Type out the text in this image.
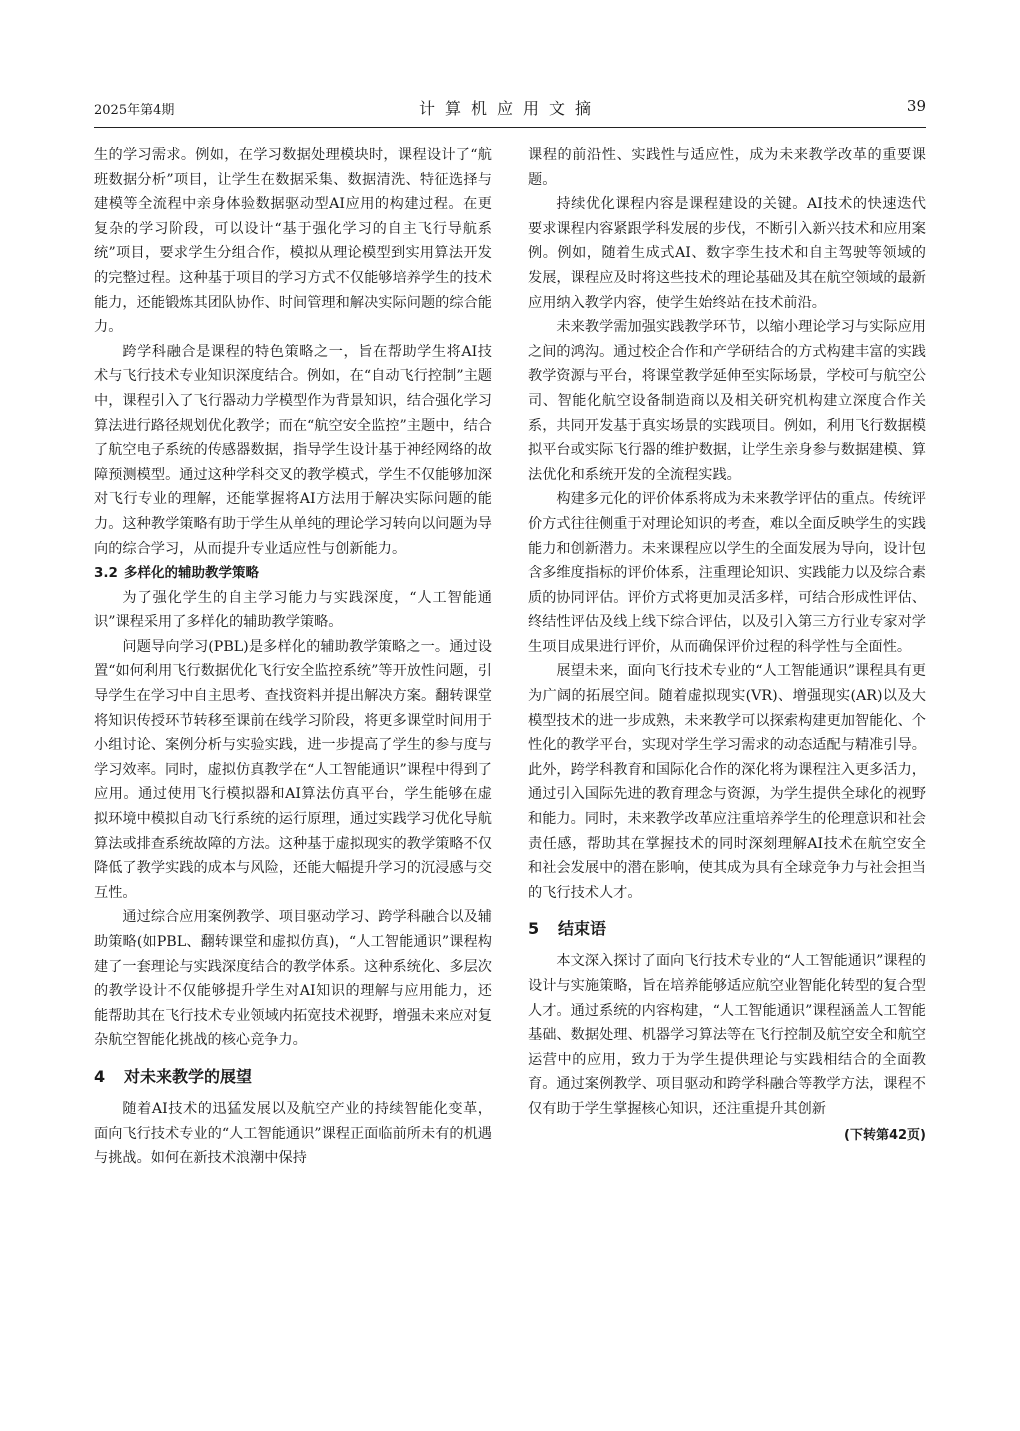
2025年第4期	计算机应用文摘	39

生的学习需求。例如，在学习数据处理模块时，课程设计了“航班数据分析”项目，让学生在数据采集、数据清洗、特征选择与建模等全流程中亲身体验数据驱动型AI应用的构建过程。在更复杂的学习阶段，可以设计“基于强化学习的自主飞行导航系统”项目，要求学生分组合作，模拟从理论模型到实用算法开发的完整过程。这种基于项目的学习方式不仅能够培养学生的技术能力，还能锻炼其团队协作、时间管理和解决实际问题的综合能力。

跨学科融合是课程的特色策略之一，旨在帮助学生将AI技术与飞行技术专业知识深度结合。例如，在“自动飞行控制”主题中，课程引入了飞行器动力学模型作为背景知识，结合强化学习算法进行路径规划优化教学；而在“航空安全监控”主题中，结合了航空电子系统的传感器数据，指导学生设计基于神经网络的故障预测模型。通过这种学科交叉的教学模式，学生不仅能够加深对飞行专业的理解，还能掌握将AI方法用于解决实际问题的能力。这种教学策略有助于学生从单纯的理论学习转向以问题为导向的综合学习，从而提升专业适应性与创新能力。

3.2 多样化的辅助教学策略

为了强化学生的自主学习能力与实践深度，“人工智能通识”课程采用了多样化的辅助教学策略。

问题导向学习(PBL)是多样化的辅助教学策略之一。通过设置“如何利用飞行数据优化飞行安全监控系统”等开放性问题，引导学生在学习中自主思考、查找资料并提出解决方案。翻转课堂将知识传授环节转移至课前在线学习阶段，将更多课堂时间用于小组讨论、案例分析与实验实践，进一步提高了学生的参与度与学习效率。同时，虚拟仿真教学在“人工智能通识”课程中得到了应用。通过使用飞行模拟器和AI算法仿真平台，学生能够在虚拟环境中模拟自动飞行系统的运行原理，通过实践学习优化导航算法或排查系统故障的方法。这种基于虚拟现实的教学策略不仅降低了教学实践的成本与风险，还能大幅提升学习的沉浸感与交互性。

通过综合应用案例教学、项目驱动学习、跨学科融合以及辅助策略(如PBL、翻转课堂和虚拟仿真)，“人工智能通识”课程构建了一套理论与实践深度结合的教学体系。这种系统化、多层次的教学设计不仅能够提升学生对AI知识的理解与应用能力，还能帮助其在飞行技术专业领域内拓宽技术视野，增强未来应对复杂航空智能化挑战的核心竞争力。

4 对未来教学的展望

随着AI技术的迅猛发展以及航空产业的持续智能化变革，面向飞行技术专业的“人工智能通识”课程正面临前所未有的机遇与挑战。如何在新技术浪潮中保持

课程的前沿性、实践性与适应性，成为未来教学改革的重要课题。

持续优化课程内容是课程建设的关键。AI技术的快速迭代要求课程内容紧跟学科发展的步伐，不断引入新兴技术和应用案例。例如，随着生成式AI、数字孪生技术和自主驾驶等领域的发展，课程应及时将这些技术的理论基础及其在航空领域的最新应用纳入教学内容，使学生始终站在技术前沿。

未来教学需加强实践教学环节，以缩小理论学习与实际应用之间的鸿沟。通过校企合作和产学研结合的方式构建丰富的实践教学资源与平台，将课堂教学延伸至实际场景，学校可与航空公司、智能化航空设备制造商以及相关研究机构建立深度合作关系，共同开发基于真实场景的实践项目。例如，利用飞行数据模拟平台或实际飞行器的维护数据，让学生亲身参与数据建模、算法优化和系统开发的全流程实践。

构建多元化的评价体系将成为未来教学评估的重点。传统评价方式往往侧重于对理论知识的考查，难以全面反映学生的实践能力和创新潜力。未来课程应以学生的全面发展为导向，设计包含多维度指标的评价体系，注重理论知识、实践能力以及综合素质的协同评估。评价方式将更加灵活多样，可结合形成性评估、终结性评估及线上线下综合评估，以及引入第三方行业专家对学生项目成果进行评价，从而确保评价过程的科学性与全面性。

展望未来，面向飞行技术专业的“人工智能通识”课程具有更为广阔的拓展空间。随着虚拟现实(VR)、增强现实(AR)以及大模型技术的进一步成熟，未来教学可以探索构建更加智能化、个性化的教学平台，实现对学生学习需求的动态适配与精准引导。此外，跨学科教育和国际化合作的深化将为课程注入更多活力，通过引入国际先进的教育理念与资源，为学生提供全球化的视野和能力。同时，未来教学改革应注重培养学生的伦理意识和社会责任感，帮助其在掌握技术的同时深刻理解AI技术在航空安全和社会发展中的潜在影响，使其成为具有全球竞争力与社会担当的飞行技术人才。

5 结束语

本文深入探讨了面向飞行技术专业的“人工智能通识”课程的设计与实施策略，旨在培养能够适应航空业智能化转型的复合型人才。通过系统的内容构建，“人工智能通识”课程涵盖人工智能基础、数据处理、机器学习算法等在飞行控制及航空安全和航空运营中的应用，致力于为学生提供理论与实践相结合的全面教育。通过案例教学、项目驱动和跨学科融合等教学方法，课程不仅有助于学生掌握核心知识，还注重提升其创新

(下转第42页)
